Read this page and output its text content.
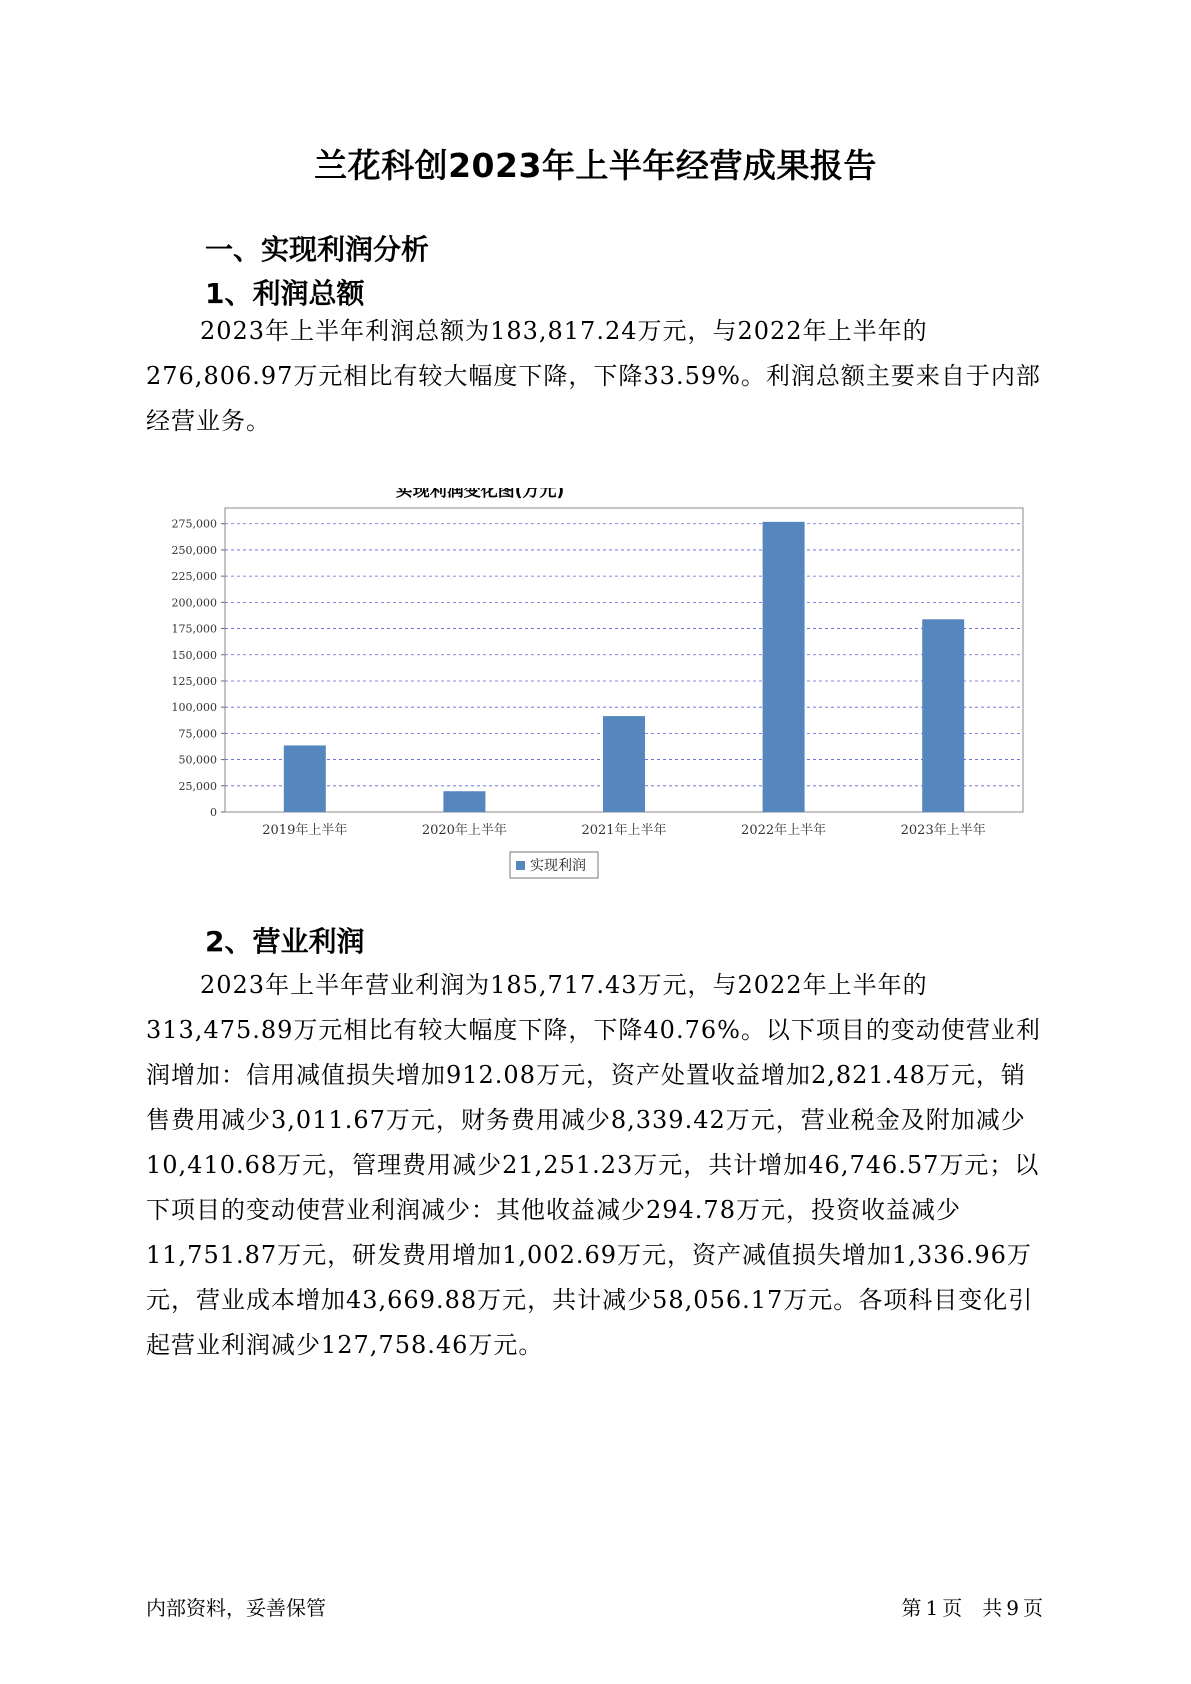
兰花科创2023年上半年经营成果报告
一、实现利润分析
1、利润总额

2023年上半年利润总额为183,817.24万元，与2022年上半年的276,806.97万元相比有较大幅度下降，下降33.59%。利润总额主要来自于内部经营业务。

实现利润变化图(万元)
0
25,000
50,000
75,000
100,000
125,000
150,000
175,000
200,000
225,000
250,000
275,000
2019年上半年	2020年上半年	2021年上半年	2022年上半年	2023年上半年
实现利润
2、营业利润

2023年上半年营业利润为185,717.43万元，与2022年上半年的313,475.89万元相比有较大幅度下降，下降40.76%。以下项目的变动使营业利润增加：信用减值损失增加912.08万元，资产处置收益增加2,821.48万元，销售费用减少3,011.67万元，财务费用减少8,339.42万元，营业税金及附加减少10,410.68万元，管理费用减少21,251.23万元，共计增加46,746.57万元；以下项目的变动使营业利润减少：其他收益减少294.78万元，投资收益减少11,751.87万元，研发费用增加1,002.69万元，资产减值损失增加1,336.96万元，营业成本增加43,669.88万元，共计减少58,056.17万元。各项科目变化引起营业利润减少127,758.46万元。

内部资料，妥善保管	第 1 页　共 9 页
